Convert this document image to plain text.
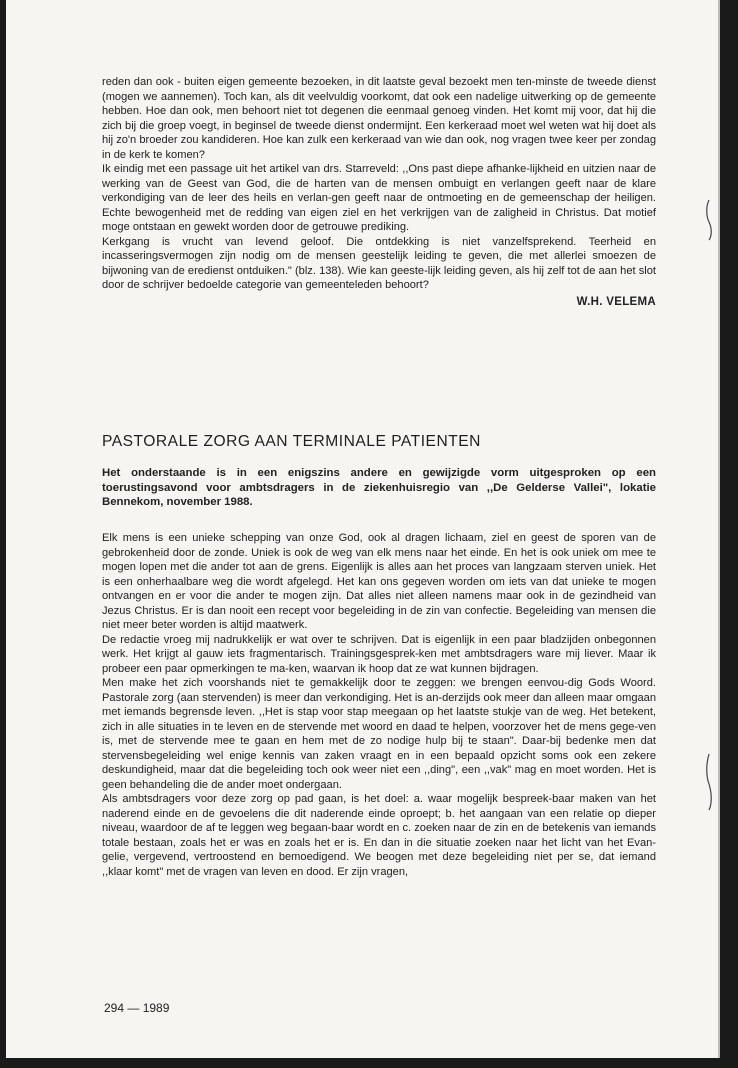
reden dan ook - buiten eigen gemeente bezoeken, in dit laatste geval bezoekt men ten-minste de tweede dienst (mogen we aannemen). Toch kan, als dit veelvuldig voorkomt, dat ook een nadelige uitwerking op de gemeente hebben. Hoe dan ook, men behoort niet tot degenen die eenmaal genoeg vinden. Het komt mij voor, dat hij die zich bij die groep voegt, in beginsel de tweede dienst ondermijnt. Een kerkeraad moet wel weten wat hij doet als hij zo'n broeder zou kandideren. Hoe kan zulk een kerkeraad van wie dan ook, nog vragen twee keer per zondag in de kerk te komen?

Ik eindig met een passage uit het artikel van drs. Starreveld: ,,Ons past diepe afhanke-lijkheid en uitzien naar de werking van de Geest van God, die de harten van de mensen ombuigt en verlangen geeft naar de klare verkondiging van de leer des heils en verlan-gen geeft naar de ontmoeting en de gemeenschap der heiligen. Echte bewogenheid met de redding van eigen ziel en het verkrijgen van de zaligheid in Christus. Dat motief moge ontstaan en gewekt worden door de getrouwe prediking.

Kerkgang is vrucht van levend geloof. Die ontdekking is niet vanzelfsprekend. Teerheid en incasseringsvermogen zijn nodig om de mensen geestelijk leiding te geven, die met allerlei smoezen de bijwoning van de eredienst ontduiken." (blz. 138). Wie kan geeste-lijk leiding geven, als hij zelf tot de aan het slot door de schrijver bedoelde categorie van gemeenteleden behoort?

W.H. VELEMA
PASTORALE ZORG AAN TERMINALE PATIENTEN
Het onderstaande is in een enigszins andere en gewijzigde vorm uitgesproken op een toerustingsavond voor ambtsdragers in de ziekenhuisregio van ,,De Gelderse Vallei", lokatie Bennekom, november 1988.

Elk mens is een unieke schepping van onze God, ook al dragen lichaam, ziel en geest de sporen van de gebrokenheid door de zonde. Uniek is ook de weg van elk mens naar het einde. En het is ook uniek om mee te mogen lopen met die ander tot aan de grens. Eigenlijk is alles aan het proces van langzaam sterven uniek. Het is een onherhaalbare weg die wordt afgelegd. Het kan ons gegeven worden om iets van dat unieke te mogen ontvangen en er voor die ander te mogen zijn. Dat alles niet alleen namens maar ook in de gezindheid van Jezus Christus. Er is dan nooit een recept voor begeleiding in de zin van confectie. Begeleiding van mensen die niet meer beter worden is altijd maatwerk.

De redactie vroeg mij nadrukkelijk er wat over te schrijven. Dat is eigenlijk in een paar bladzijden onbegonnen werk. Het krijgt al gauw iets fragmentarisch. Trainingsgesprek-ken met ambtsdragers ware mij liever. Maar ik probeer een paar opmerkingen te ma-ken, waarvan ik hoop dat ze wat kunnen bijdragen.

Men make het zich voorshands niet te gemakkelijk door te zeggen: we brengen eenvou-dig Gods Woord. Pastorale zorg (aan stervenden) is meer dan verkondiging. Het is an-derzijds ook meer dan alleen maar omgaan met iemands begrensde leven. ,,Het is stap voor stap meegaan op het laatste stukje van de weg. Het betekent, zich in alle situaties in te leven en de stervende met woord en daad te helpen, voorzover het de mens gege-ven is, met de stervende mee te gaan en hem met de zo nodige hulp bij te staan". Daar-bij bedenke men dat stervensbegeleiding wel enige kennis van zaken vraagt en in een bepaald opzicht soms ook een zekere deskundigheid, maar dat die begeleiding toch ook weer niet een ,,ding", een ,,vak" mag en moet worden. Het is geen behandeling die de ander moet ondergaan.

Als ambtsdragers voor deze zorg op pad gaan, is het doel: a. waar mogelijk bespreek-baar maken van het naderend einde en de gevoelens die dit naderende einde oproept; b. het aangaan van een relatie op dieper niveau, waardoor de af te leggen weg begaan-baar wordt en c. zoeken naar de zin en de betekenis van iemands totale bestaan, zoals het er was en zoals het er is. En dan in die situatie zoeken naar het licht van het Evan-gelie, vergevend, vertroostend en bemoedigend. We beogen met deze begeleiding niet per se, dat iemand ,,klaar komt" met de vragen van leven en dood. Er zijn vragen,

294 — 1989
